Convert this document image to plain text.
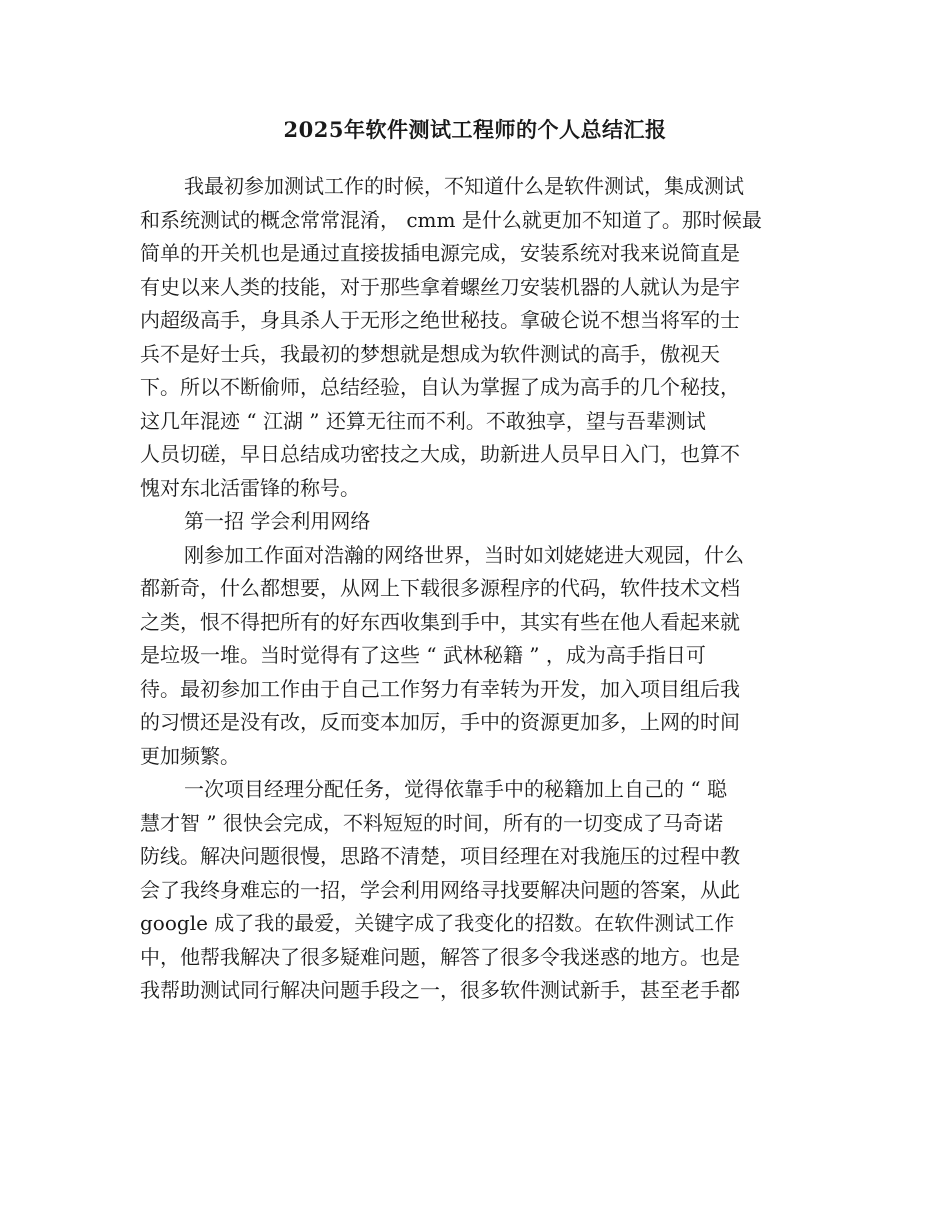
2025年软件测试工程师的个人总结汇报
我最初参加测试工作的时候，不知道什么是软件测试，集成测试
和系统测试的概念常常混淆， cmm 是什么就更加不知道了。那时候最
简单的开关机也是通过直接拔插电源完成，安装系统对我来说简直是
有史以来人类的技能，对于那些拿着螺丝刀安装机器的人就认为是宇
内超级高手，身具杀人于无形之绝世秘技。拿破仑说不想当将军的士
兵不是好士兵，我最初的梦想就是想成为软件测试的高手，傲视天
下。所以不断偷师，总结经验，自认为掌握了成为高手的几个秘技，
这几年混迹 “ 江湖 ” 还算无往而不利。不敢独享，望与吾辈测试
人员切磋，早日总结成功密技之大成，助新进人员早日入门，也算不
愧对东北活雷锋的称号。
第一招 学会利用网络
刚参加工作面对浩瀚的网络世界，当时如刘姥姥进大观园，什么
都新奇，什么都想要，从网上下载很多源程序的代码，软件技术文档
之类，恨不得把所有的好东西收集到手中，其实有些在他人看起来就
是垃圾一堆。当时觉得有了这些 “ 武林秘籍 ” ，成为高手指日可
待。最初参加工作由于自己工作努力有幸转为开发，加入项目组后我
的习惯还是没有改，反而变本加厉，手中的资源更加多，上网的时间
更加频繁。
一次项目经理分配任务，觉得依靠手中的秘籍加上自己的 “ 聪
慧才智 ” 很快会完成，不料短短的时间，所有的一切变成了马奇诺
防线。解决问题很慢，思路不清楚，项目经理在对我施压的过程中教
会了我终身难忘的一招，学会利用网络寻找要解决问题的答案，从此
google 成了我的最爱，关键字成了我变化的招数。在软件测试工作
中，他帮我解决了很多疑难问题，解答了很多令我迷惑的地方。也是
我帮助测试同行解决问题手段之一，很多软件测试新手，甚至老手都
